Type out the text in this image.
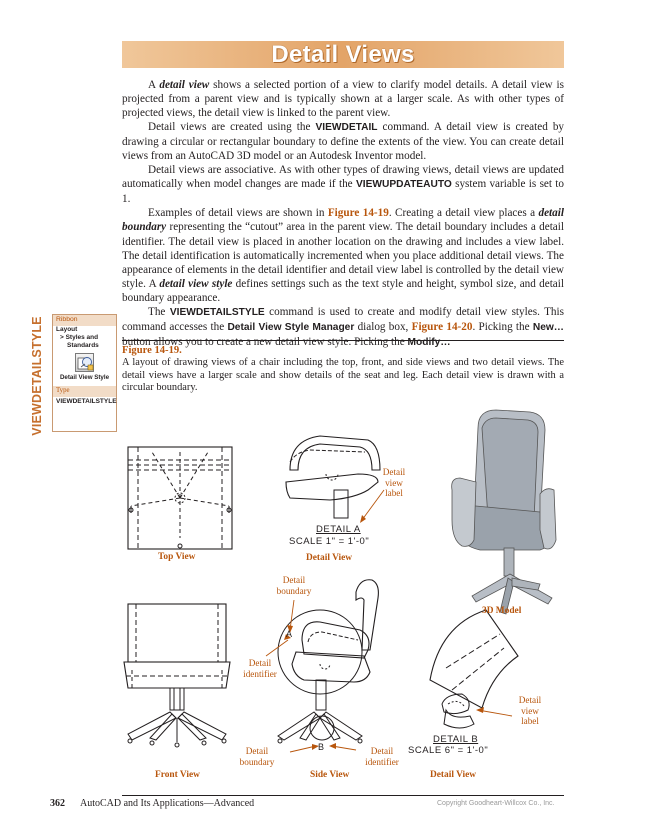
Detail Views

A detail view shows a selected portion of a view to clarify model details. A detail view is projected from a parent view and is typically shown at a larger scale. As with other types of projected views, the detail view is linked to the parent view.

Detail views are created using the VIEWDETAIL command. A detail view is created by drawing a circular or rectangular boundary to define the extents of the view. You can create detail views from an AutoCAD 3D model or an Autodesk Inventor model.

Detail views are associative. As with other types of drawing views, detail views are updated automatically when model changes are made if the VIEWUPDATEAUTO system variable is set to 1.

Examples of detail views are shown in Figure 14-19. Creating a detail view places a detail boundary representing the “cutout” area in the parent view. The detail boundary includes a detail identifier. The detail view is placed in another location on the drawing and includes a view label. The detail identification is automatically incremented when you place additional detail views. The appearance of elements in the detail identifier and detail view label is controlled by the detail view style. A detail view style defines settings such as the text style and height, symbol size, and detail boundary appearance.

The VIEWDETAILSTYLE command is used to create and modify detail view styles. This command accesses the Detail View Style Manager dialog box, Figure 14-20. Picking the New… button allows you to create a new detail view style. Picking the Modify…

VIEWDETAILSTYLE	Ribbon
Layout
> Styles and
Standards
Detail View Style
Type
VIEWDETAILSTYLE
Figure 14-19.
A layout of drawing views of a chair including the top, front, and side views and two detail views. The detail views have a larger scale and show details of the seat and leg. Each detail view is drawn with a circular boundary.
DETAIL A
SCALE 1" = 1'-0"
A
B
DETAIL B
SCALE 6" = 1'-0"
Detail
view
label
Detail
boundary
Detail
identifier
Detail
view
label
Detail
boundary
Detail
identifier
Top View	Detail View
3D Model
Front View	Side View	Detail View
362 AutoCAD and Its Applications—Advanced	Copyright Goodheart-Willcox Co., Inc.
